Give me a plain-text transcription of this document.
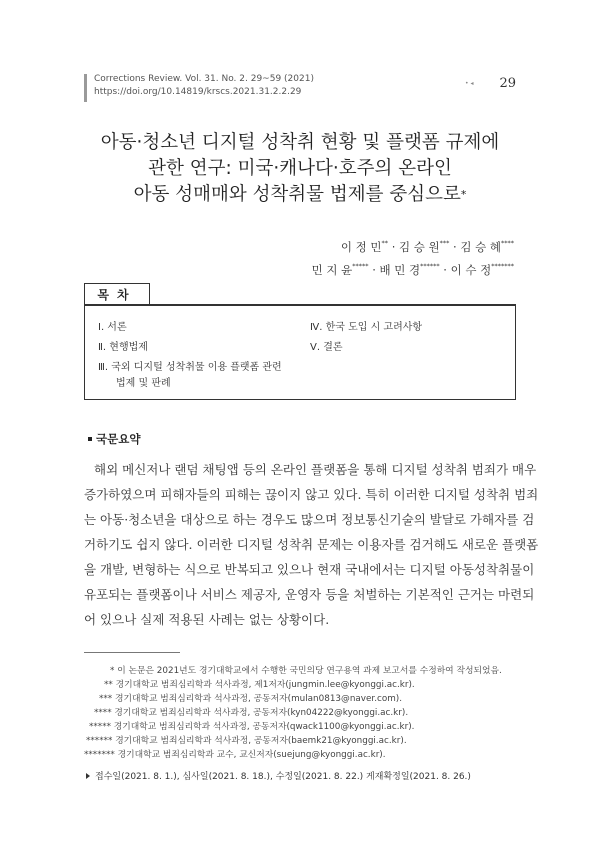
Corrections Review. Vol. 31. No. 2. 29~59 (2021)
https://doi.org/10.14819/krscs.2021.31.2.2.29
• ◂ 29
아동·청소년 디지털 성착취 현황 및 플랫폼 규제에
관한 연구: 미국·캐나다·호주의 온라인
아동 성매매와 성착취물 법제를 중심으로*
이 정 민** · 김 승 원*** · 김 승 혜****
민 지 윤***** · 배 민 경****** · 이 수 정*******
목차
Ⅰ. 서론
Ⅱ. 현행법제
Ⅲ. 국외 디지털 성착취물 이용 플랫폼 관련
법제 및 판례
Ⅳ. 한국 도입 시 고려사항
Ⅴ. 결론
국문요약
해외 메신저나 랜덤 채팅앱 등의 온라인 플랫폼을 통해 디지털 성착취 범죄가 매우
증가하였으며 피해자들의 피해는 끊이지 않고 있다. 특히 이러한 디지털 성착취 범죄
는 아동·청소년을 대상으로 하는 경우도 많으며 정보통신기술의 발달로 가해자를 검
거하기도 쉽지 않다. 이러한 디지털 성착취 문제는 이용자를 검거해도 새로운 플랫폼
을 개발, 변형하는 식으로 반복되고 있으나 현재 국내에서는 디지털 아동성착취물이
유포되는 플랫폼이나 서비스 제공자, 운영자 등을 처벌하는 기본적인 근거는 마련되
어 있으나 실제 적용된 사례는 없는 상황이다.
* 이 논문은 2021년도 경기대학교에서 수행한 국민의당 연구용역 과제 보고서를 수정하여 작성되었음.
** 경기대학교 범죄심리학과 석사과정, 제1저자(jungmin.lee@kyonggi.ac.kr).
*** 경기대학교 범죄심리학과 석사과정, 공동저자(mulan0813@naver.com).
**** 경기대학교 범죄심리학과 석사과정, 공동저자(kyn04222@kyonggi.ac.kr).
***** 경기대학교 범죄심리학과 석사과정, 공동저자(qwack1100@kyonggi.ac.kr).
****** 경기대학교 범죄심리학과 석사과정, 공동저자(baemk21@kyonggi.ac.kr).
접수일(2021. 8. 1.), 심사일(2021. 8. 18.), 수정일(2021. 8. 22.) 게재확정일(2021. 8. 26.)
******* 경기대학교 범죄심리학과 교수, 교신저자(suejung@kyonggi.ac.kr).
